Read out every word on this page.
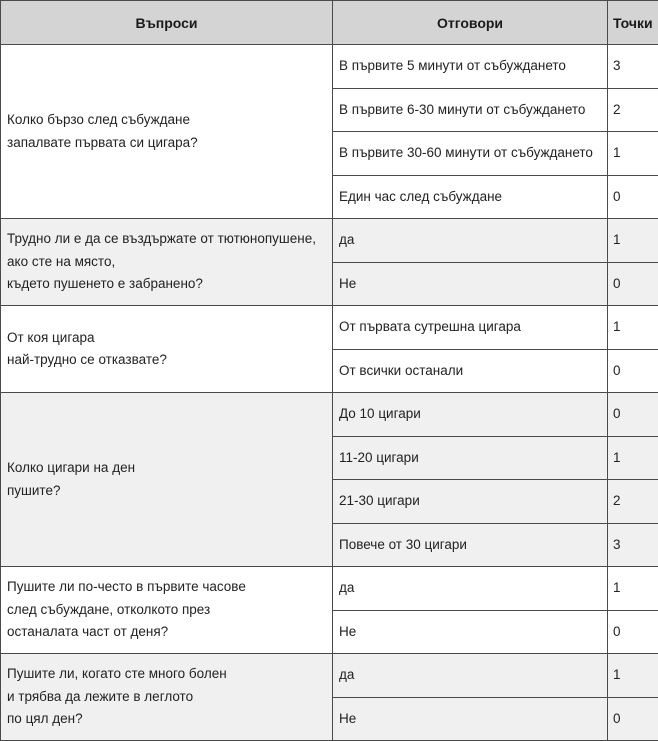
Въпроси	Отговори	Точки

Колко бързо след събуждане
запалвате първата си цигара?	В първите 5 минути от събуждането	3
	В първите 6-30 минути от събуждането	2
	В първите 30-60 минути от събуждането	1
	Един час след събуждане	0

Трудно ли е да се въздържате от тютюнопушене,
ако сте на място,
където пушенето е забранено?	да	1
	Не	0

От коя цигара
най-трудно се отказвате?	От първата сутрешна цигара	1
	От всички останали	0

Колко цигари на ден
пушите?	До 10 цигари	0
	11-20 цигари	1
	21-30 цигари	2
	Повече от 30 цигари	3

Пушите ли по-често в първите часове
след събуждане, отколкото през
останалата част от деня?	да	1
	Не	0

Пушите ли, когато сте много болен
и трябва да лежите в леглото
по цял ден?	да	1
	Не	0
